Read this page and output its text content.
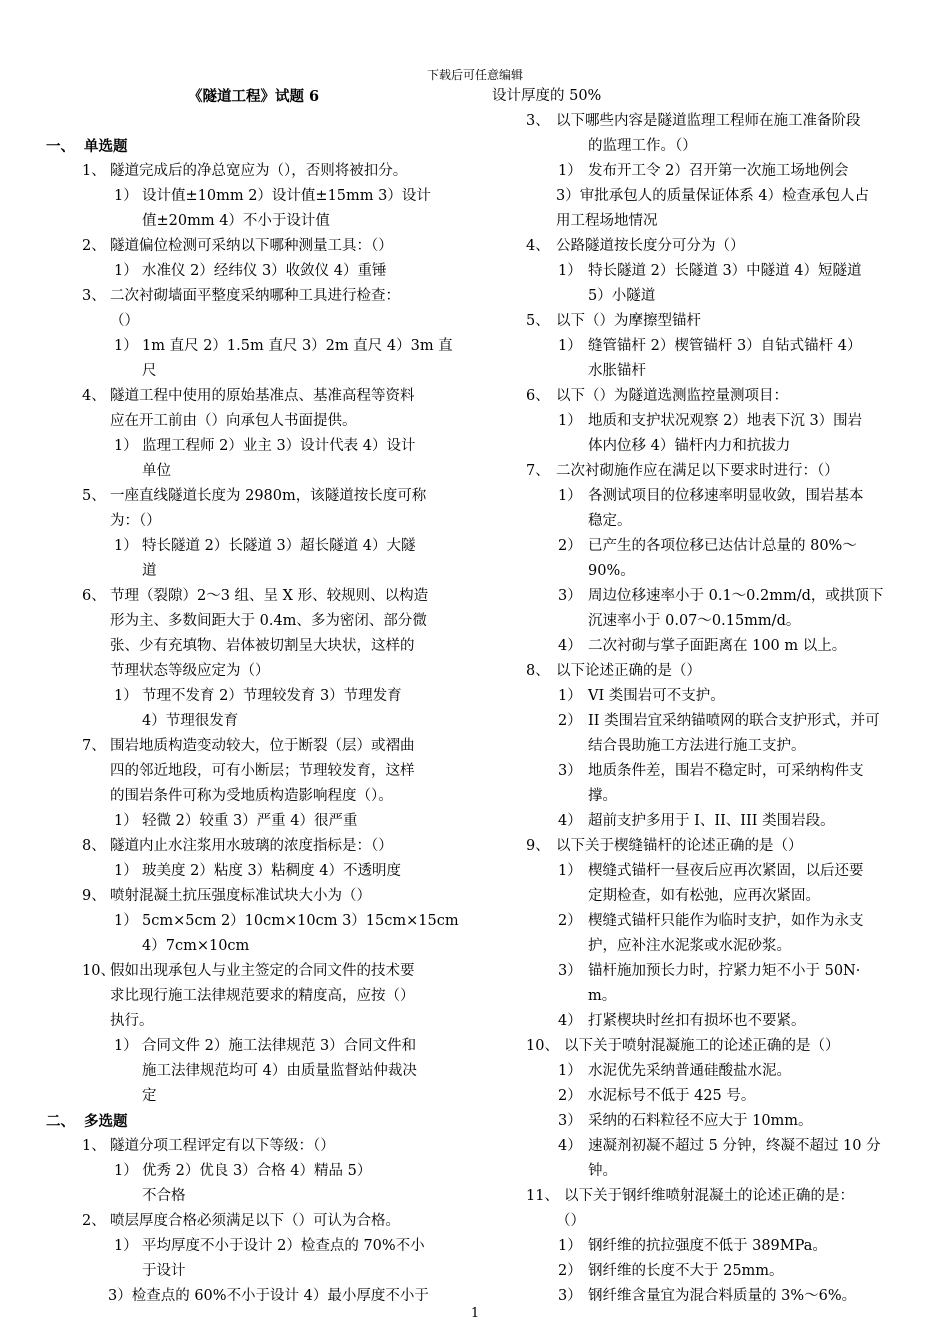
下载后可任意编辑
《隧道工程》试题 6

一、 单选题
1、 隧道完成后的净总宽应为（），否则将被扣分。
1） 设计值±10mm 2）设计值±15mm 3）设计
值±20mm 4）不小于设计值
2、 隧道偏位检测可采纳以下哪种测量工具：（）
1） 水准仪 2）经纬仪 3）收敛仪 4）重锤
3、 二次衬砌墙面平整度采纳哪种工具进行检查：
（）
1） 1m 直尺 2）1.5m 直尺 3）2m 直尺 4）3m 直
尺
4、 隧道工程中使用的原始基准点、基准高程等资料
应在开工前由（）向承包人书面提供。
1） 监理工程师 2）业主 3）设计代表 4）设计
单位
5、 一座直线隧道长度为 2980m，该隧道按长度可称
为：（）
1） 特长隧道 2）长隧道 3）超长隧道 4）大隧
道
6、 节理（裂隙）2～3 组、呈 X 形、较规则、以构造
形为主、多数间距大于 0.4m、多为密闭、部分微
张、少有充填物、岩体被切割呈大块状，这样的
节理状态等级应定为（）
1） 节理不发育 2）节理较发育 3）节理发育
4）节理很发育
7、 围岩地质构造变动较大，位于断裂（层）或褶曲
四的邻近地段，可有小断层；节理较发育，这样
的围岩条件可称为受地质构造影响程度（）。
1） 轻微 2）较重 3）严重 4）很严重
8、 隧道内止水注浆用水玻璃的浓度指标是：（）
1） 玻美度 2）粘度 3）粘稠度 4）不透明度
9、 喷射混凝土抗压强度标准试块大小为（）
1） 5cm×5cm 2）10cm×10cm 3）15cm×15cm
4）7cm×10cm
10、假如出现承包人与业主签定的合同文件的技术要
求比现行施工法律规范要求的精度高，应按（）
执行。
1） 合同文件 2）施工法律规范 3）合同文件和
施工法律规范均可 4）由质量监督站仲裁决
定
二、 多选题
1、 隧道分项工程评定有以下等级：（）
1） 优秀 2）优良 3）合格 4）精品 5）
不合格
2、 喷层厚度合格必须满足以下（）可认为合格。
1） 平均厚度不小于设计 2）检查点的 70%不小
于设计
3）检查点的 60%不小于设计 4）最小厚度不小于
设计厚度的 50%
3、 以下哪些内容是隧道监理工程师在施工准备阶段
的监理工作。（）
1） 发布开工令 2）召开第一次施工场地例会
3）审批承包人的质量保证体系 4）检查承包人占
用工程场地情况
4、 公路隧道按长度分可分为（）
1） 特长隧道 2）长隧道 3）中隧道 4）短隧道
5）小隧道
5、 以下（）为摩擦型锚杆
1） 缝管锚杆 2）楔管锚杆 3）自钻式锚杆 4）
水胀锚杆
6、 以下（）为隧道选测监控量测项目：
1） 地质和支护状况观察 2）地表下沉 3）围岩
体内位移 4）锚杆内力和抗拔力
7、 二次衬砌施作应在满足以下要求时进行：（）
1） 各测试项目的位移速率明显收敛，围岩基本
稳定。
2） 已产生的各项位移已达估计总量的 80%～
90%。
3） 周边位移速率小于 0.1～0.2mm/d，或拱顶下
沉速率小于 0.07～0.15mm/d。
4） 二次衬砌与掌子面距离在 100 m 以上。
8、 以下论述正确的是（）
1） VI 类围岩可不支护。
2） II 类围岩宜采纳锚喷网的联合支护形式，并可
结合畏助施工方法进行施工支护。
3） 地质条件差，围岩不稳定时，可采纳构件支
撑。
4） 超前支护多用于 I、II、III 类围岩段。
9、 以下关于楔缝锚杆的论述正确的是（）
1） 楔缝式锚杆一昼夜后应再次紧固，以后还要
定期检查，如有松弛，应再次紧固。
2） 楔缝式锚杆只能作为临时支护，如作为永支
护，应补注水泥浆或水泥砂浆。
3） 锚杆施加预长力时，拧紧力矩不小于 50N·
m。
4） 打紧楔块时丝扣有损坏也不要紧。
10、 以下关于喷射混凝施工的论述正确的是（）
1） 水泥优先采纳普通硅酸盐水泥。
2） 水泥标号不低于 425 号。
3） 采纳的石料粒径不应大于 10mm。
4） 速凝剂初凝不超过 5 分钟，终凝不超过 10 分
钟。
11、 以下关于钢纤维喷射混凝土的论述正确的是：
（）
1） 钢纤维的抗拉强度不低于 389MPa。
2） 钢纤维的长度不大于 25mm。
3） 钢纤维含量宜为混合料质量的 3%～6%。
1
